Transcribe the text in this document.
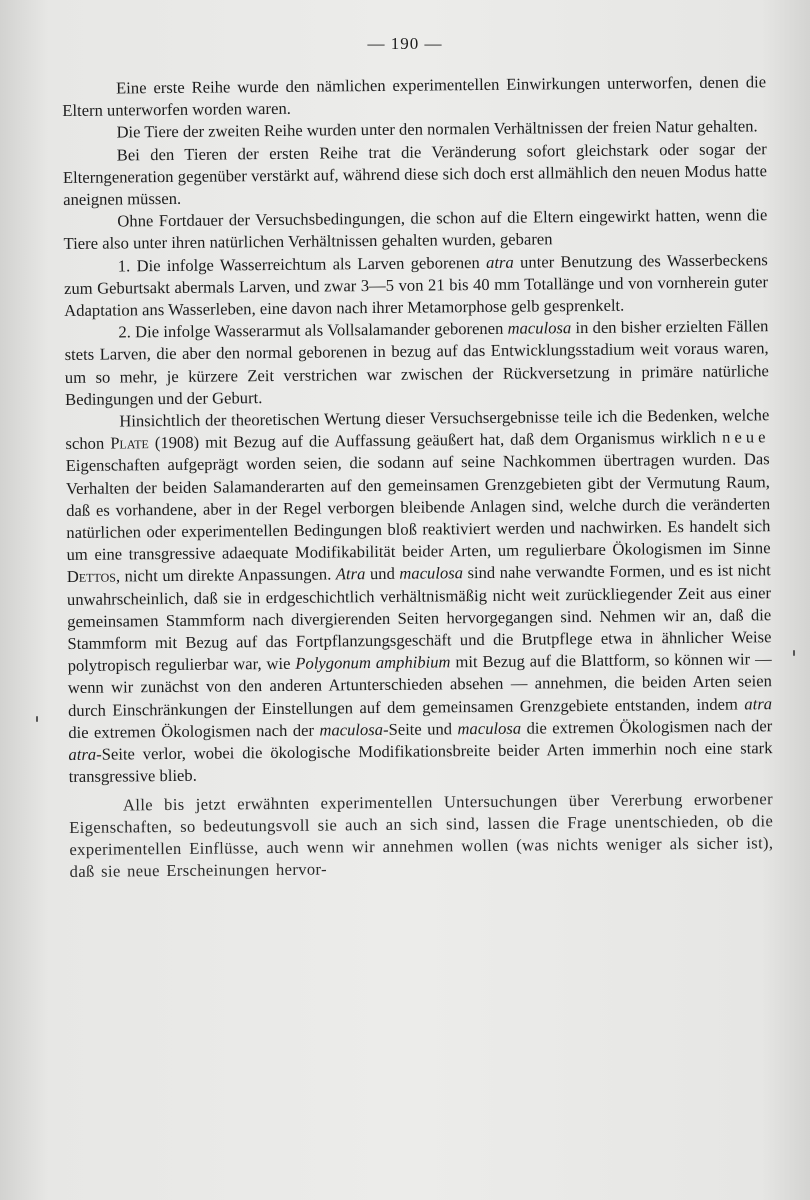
— 190 —

Eine erste Reihe wurde den nämlichen experimentellen Einwirkungen unterworfen, denen die Eltern unterworfen worden waren.

Die Tiere der zweiten Reihe wurden unter den normalen Verhältnissen der freien Natur gehalten.

Bei den Tieren der ersten Reihe trat die Veränderung sofort gleichstark oder sogar der Elterngeneration gegenüber verstärkt auf, während diese sich doch erst allmählich den neuen Modus hatte aneignen müssen.

Ohne Fortdauer der Versuchsbedingungen, die schon auf die Eltern eingewirkt hatten, wenn die Tiere also unter ihren natürlichen Verhältnissen gehalten wurden, gebaren

1. Die infolge Wasserreichtum als Larven geborenen atra unter Benutzung des Wasserbeckens zum Geburtsakt abermals Larven, und zwar 3—5 von 21 bis 40 mm Totallänge und von vornherein guter Adaptation ans Wasserleben, eine davon nach ihrer Metamorphose gelb gesprenkelt.

2. Die infolge Wasserarmut als Vollsalamander geborenen maculosa in den bisher erzielten Fällen stets Larven, die aber den normal geborenen in bezug auf das Entwicklungsstadium weit voraus waren, um so mehr, je kürzere Zeit verstrichen war zwischen der Rückversetzung in primäre natürliche Bedingungen und der Geburt.

Hinsichtlich der theoretischen Wertung dieser Versuchsergebnisse teile ich die Bedenken, welche schon Plate (1908) mit Bezug auf die Auffassung geäußert hat, daß dem Organismus wirklich neue Eigenschaften aufgeprägt worden seien, die sodann auf seine Nachkommen übertragen wurden. Das Verhalten der beiden Salamanderarten auf den gemeinsamen Grenzgebieten gibt der Vermutung Raum, daß es vorhandene, aber in der Regel verborgen bleibende Anlagen sind, welche durch die veränderten natürlichen oder experimentellen Bedingungen bloß reaktiviert werden und nachwirken. Es handelt sich um eine transgressive adaequate Modifikabilität beider Arten, um regulierbare Ökologismen im Sinne Dettos, nicht um direkte Anpassungen. Atra und maculosa sind nahe verwandte Formen, und es ist nicht unwahrscheinlich, daß sie in erdgeschichtlich verhältnismäßig nicht weit zurückliegender Zeit aus einer gemeinsamen Stammform nach divergierenden Seiten hervorgegangen sind. Nehmen wir an, daß die Stammform mit Bezug auf das Fortpflanzungsgeschäft und die Brutpflege etwa in ähnlicher Weise polytropisch regulierbar war, wie Polygonum amphibium mit Bezug auf die Blattform, so können wir — wenn wir zunächst von den anderen Artunterschieden absehen — annehmen, die beiden Arten seien durch Einschränkungen der Einstellungen auf dem gemeinsamen Grenzgebiete entstanden, indem atra die extremen Ökologismen nach der maculosa-Seite und maculosa die extremen Ökologismen nach der atra-Seite verlor, wobei die ökologische Modifikationsbreite beider Arten immerhin noch eine stark transgressive blieb.

Alle bis jetzt erwähnten experimentellen Untersuchungen über Vererbung erworbener Eigenschaften, so bedeutungsvoll sie auch an sich sind, lassen die Frage unentschieden, ob die experimentellen Einflüsse, auch wenn wir annehmen wollen (was nichts weniger als sicher ist), daß sie neue Erscheinungen hervor-
